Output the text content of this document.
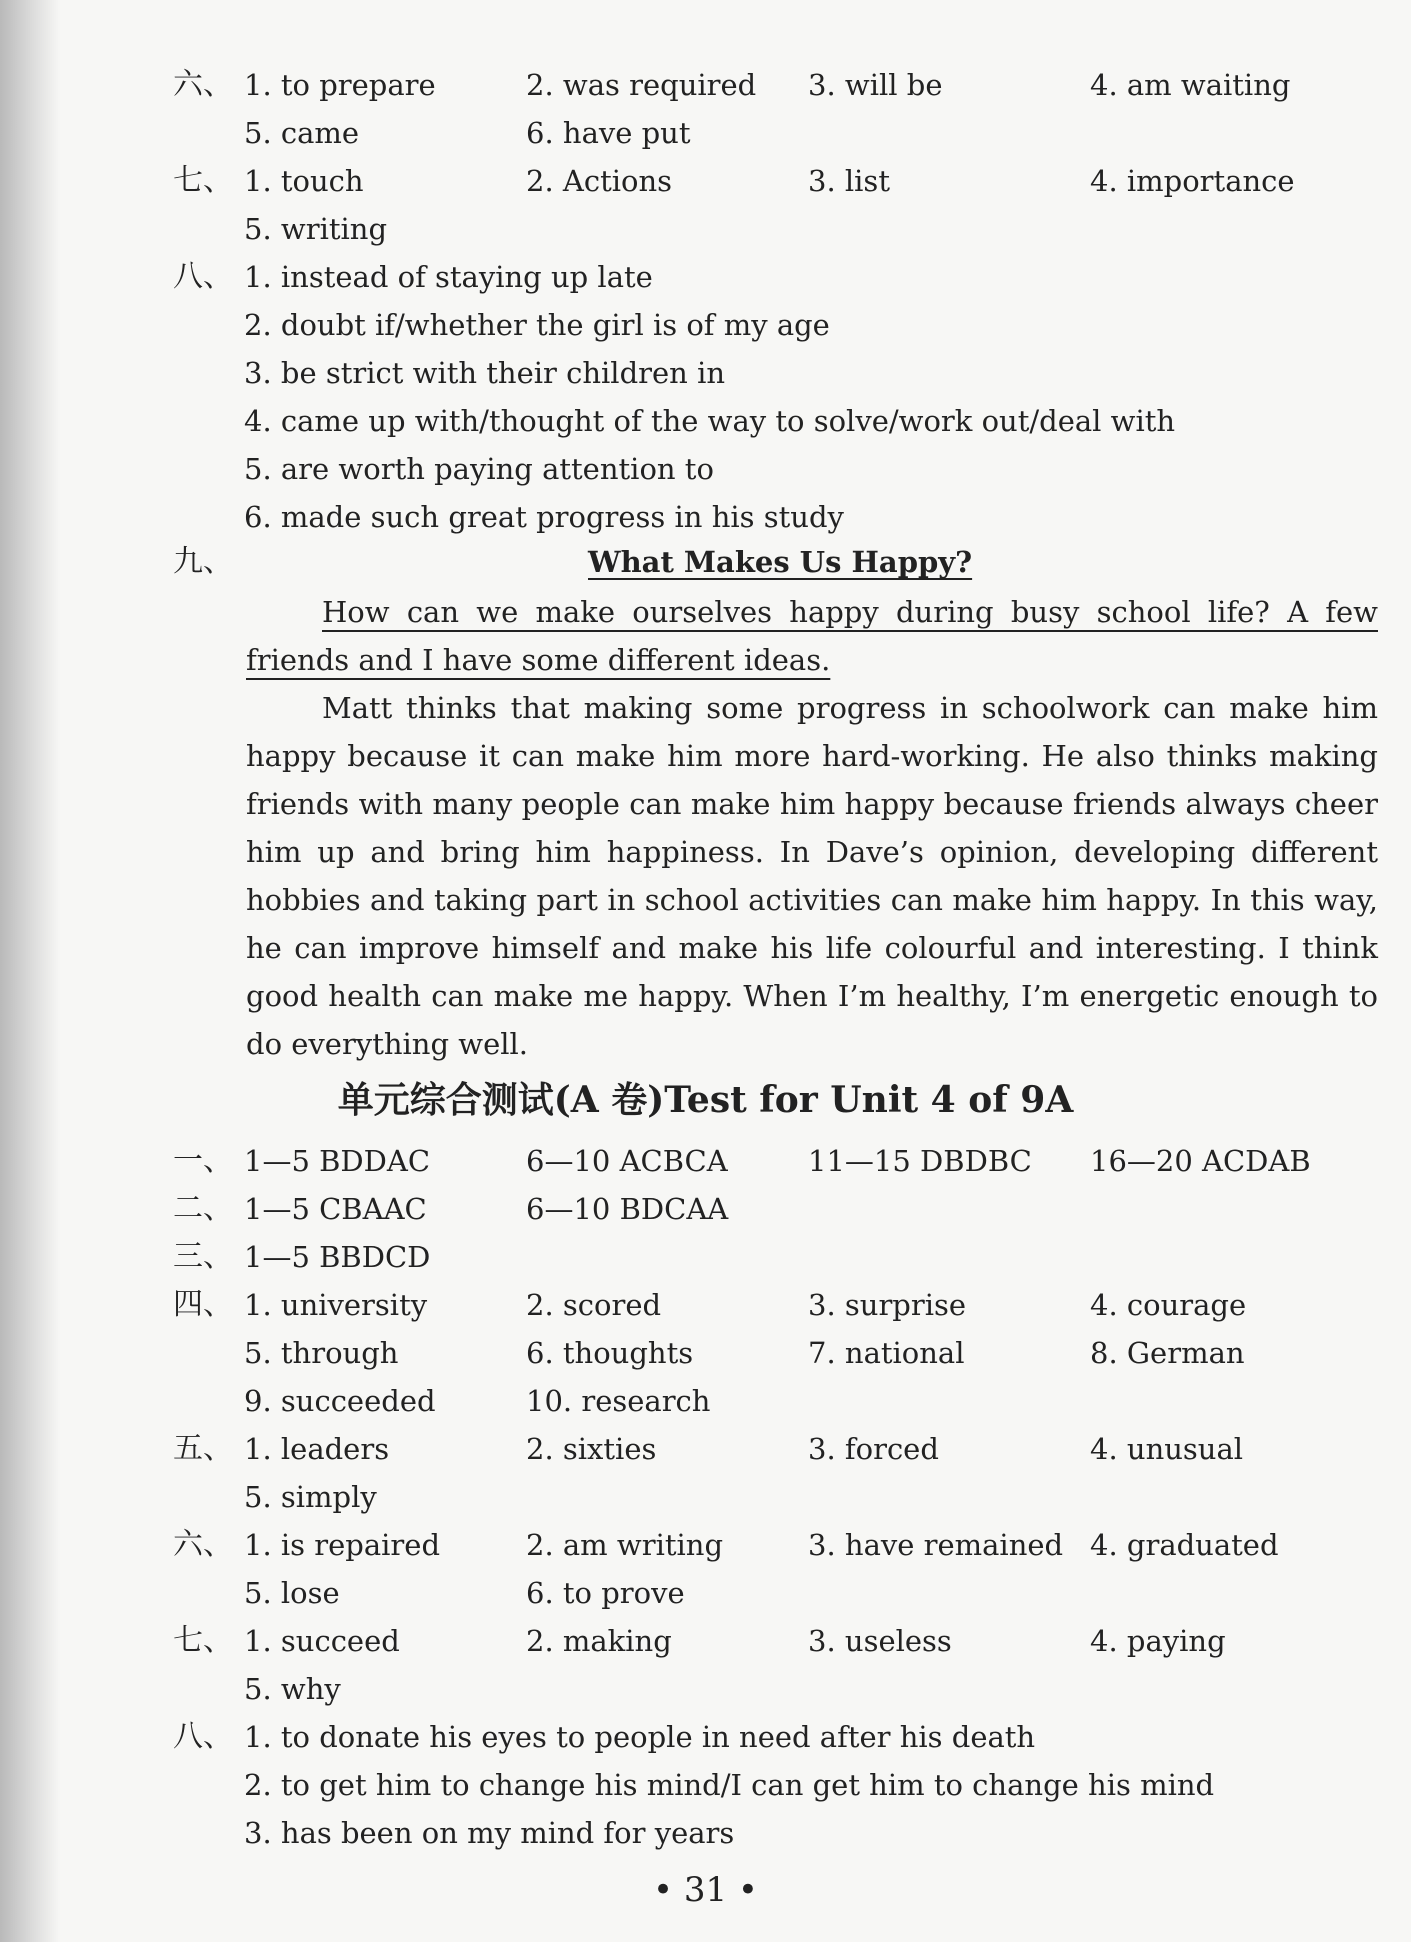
六、 1. to prepare	2. was required 3. will be	4. am waiting
5. came	6. have put
七、 1. touch	2. Actions	3. list	4. importance
5. writing
八、 1. instead of staying up late
2. doubt if/whether the girl is of my age
3. be strict with their children in
4. came up with/thought of the way to solve/work out/deal with
5. are worth paying attention to
6. made such great progress in his study
九、	What Makes Us Happy?

How can we make ourselves happy during busy school life? A few friends and I have some different ideas.

Matt thinks that making some progress in schoolwork can make him happy because it can make him more hard-working. He also thinks making friends with many people can make him happy because friends always cheer him up and bring him happiness. In Dave’s opinion, developing different hobbies and taking part in school activities can make him happy. In this way, he can improve himself and make his life colourful and interesting. I think good health can make me happy. When I’m healthy, I’m energetic enough to do everything well.

单元综合测试(A 卷)Test for Unit 4 of 9A
一、 1—5 BDDAC	6—10 ACBCA	11—15 DBDBC 16—20 ACDAB
二、 1—5 CBAAC	6—10 BDCAA
三、 1—5 BBDCD
四、 1. university	2. scored	3. surprise	4. courage
5. through	6. thoughts	7. national	8. German
9. succeeded	10. research
五、 1. leaders	2. sixties	3. forced	4. unusual
5. simply
六、 1. is repaired	2. am writing	3. have remained 4. graduated
5. lose	6. to prove
七、 1. succeed	2. making	3. useless	4. paying
5. why
八、 1. to donate his eyes to people in need after his death
2. to get him to change his mind/I can get him to change his mind
3. has been on my mind for years
• 31 •
